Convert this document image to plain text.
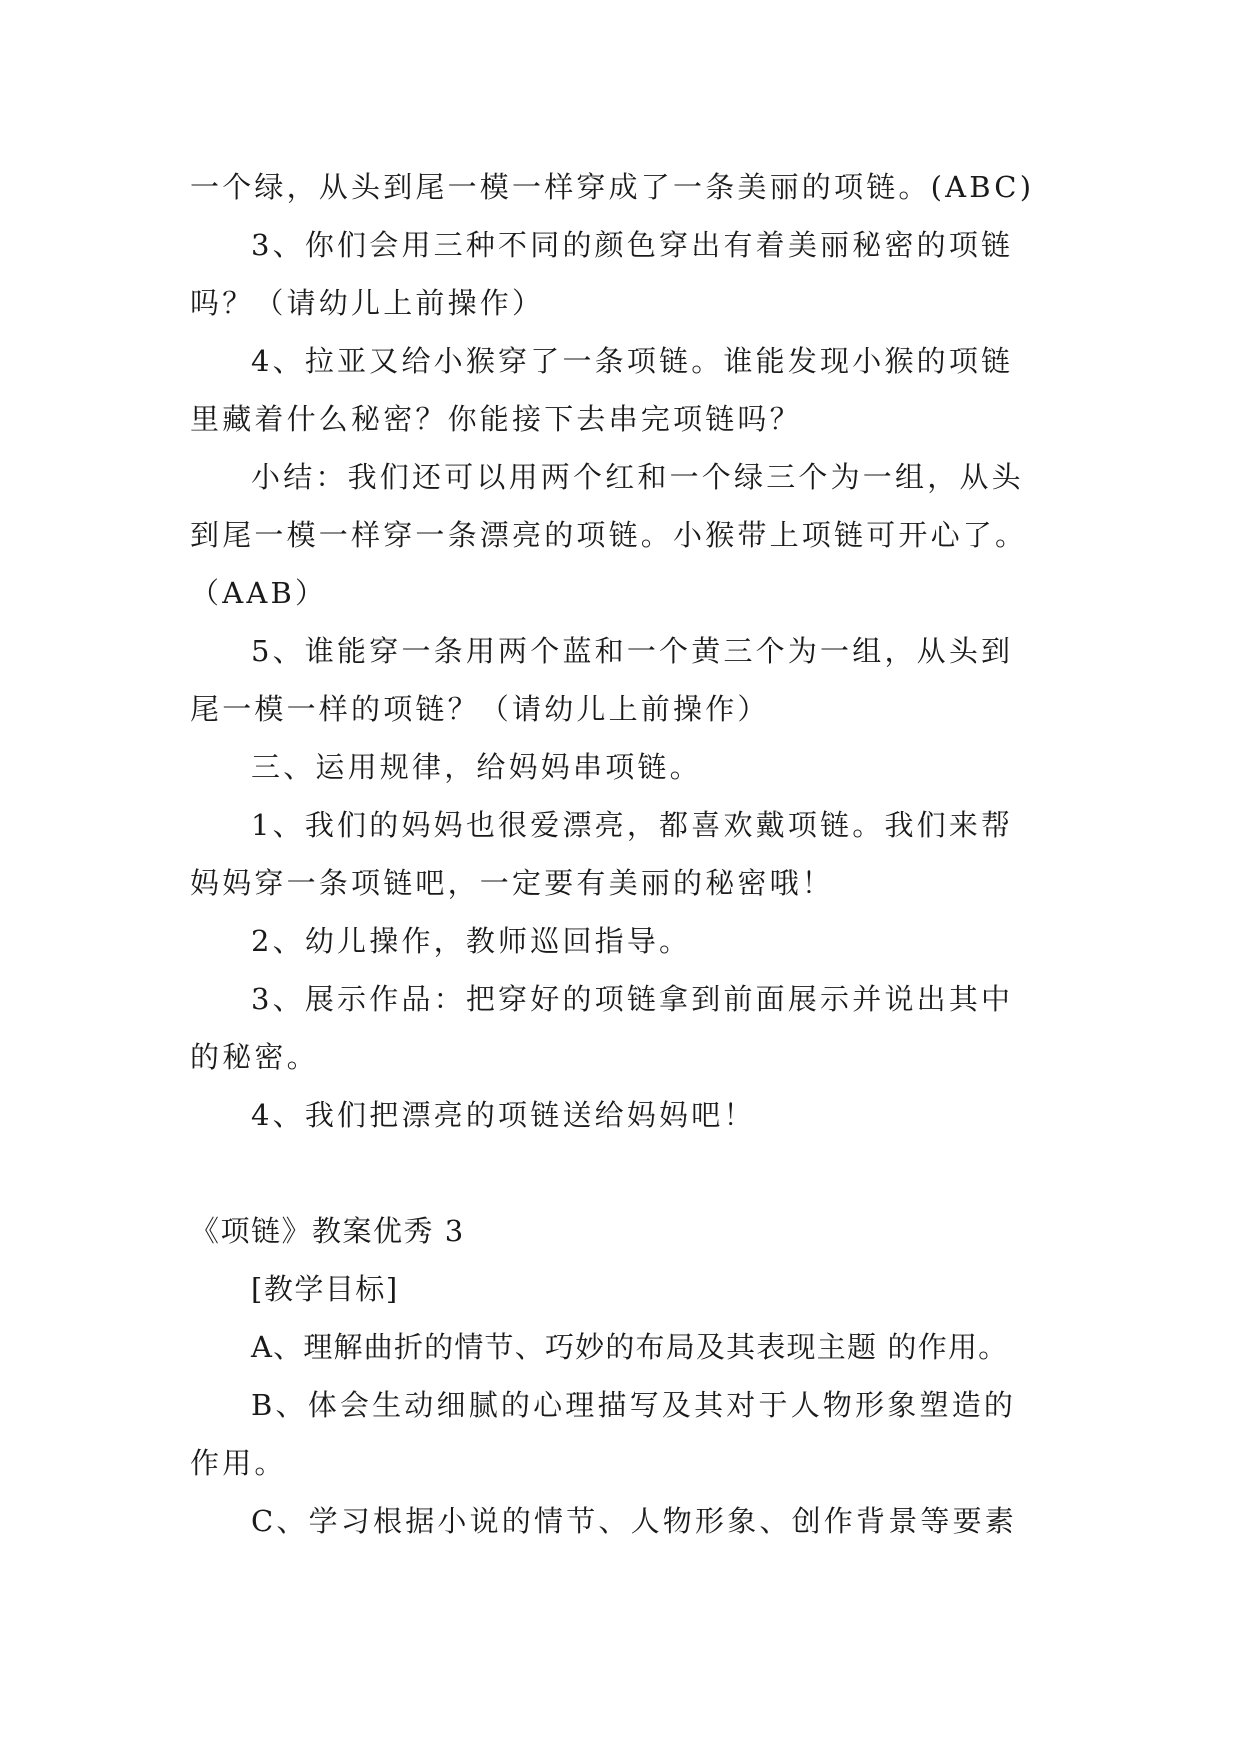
一个绿，从头到尾一模一样穿成了一条美丽的项链。(ABC)
3、你们会用三种不同的颜色穿出有着美丽秘密的项链
吗？（请幼儿上前操作）
4、拉亚又给小猴穿了一条项链。谁能发现小猴的项链
里藏着什么秘密？你能接下去串完项链吗？
小结：我们还可以用两个红和一个绿三个为一组，从头
到尾一模一样穿一条漂亮的项链。小猴带上项链可开心了。
（AAB）
5、谁能穿一条用两个蓝和一个黄三个为一组，从头到
尾一模一样的项链？（请幼儿上前操作）
三、运用规律，给妈妈串项链。
1、我们的妈妈也很爱漂亮，都喜欢戴项链。我们来帮
妈妈穿一条项链吧，一定要有美丽的秘密哦！
2、幼儿操作，教师巡回指导。
3、展示作品：把穿好的项链拿到前面展示并说出其中
的秘密。
4、我们把漂亮的项链送给妈妈吧！
《项链》教案优秀 3
[教学目标]
A、理解曲折的情节、巧妙的布局及其表现主题 的作用。
B、体会生动细腻的心理描写及其对于人物形象塑造的
作用。
C、学习根据小说的情节、人物形象、创作背景等要素
